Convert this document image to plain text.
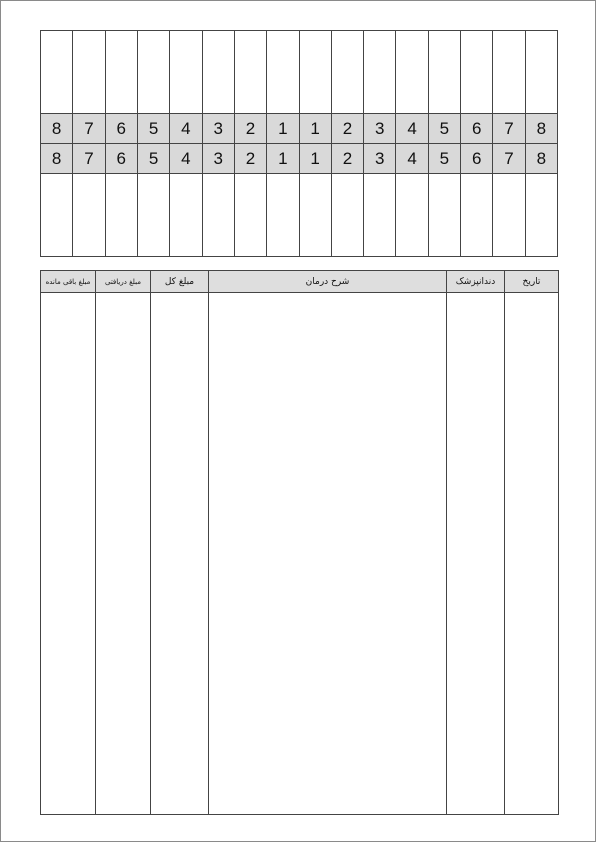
8	7	6	5	4	3	2	1	1	2	3	4	5	6	7	8
8	7	6	5	4	3	2	1	1	2	3	4	5	6	7	8

مبلغ باقی مانده	مبلغ دریافتی	مبلغ کل	شرح درمان	دندانپزشک	تاریخ
